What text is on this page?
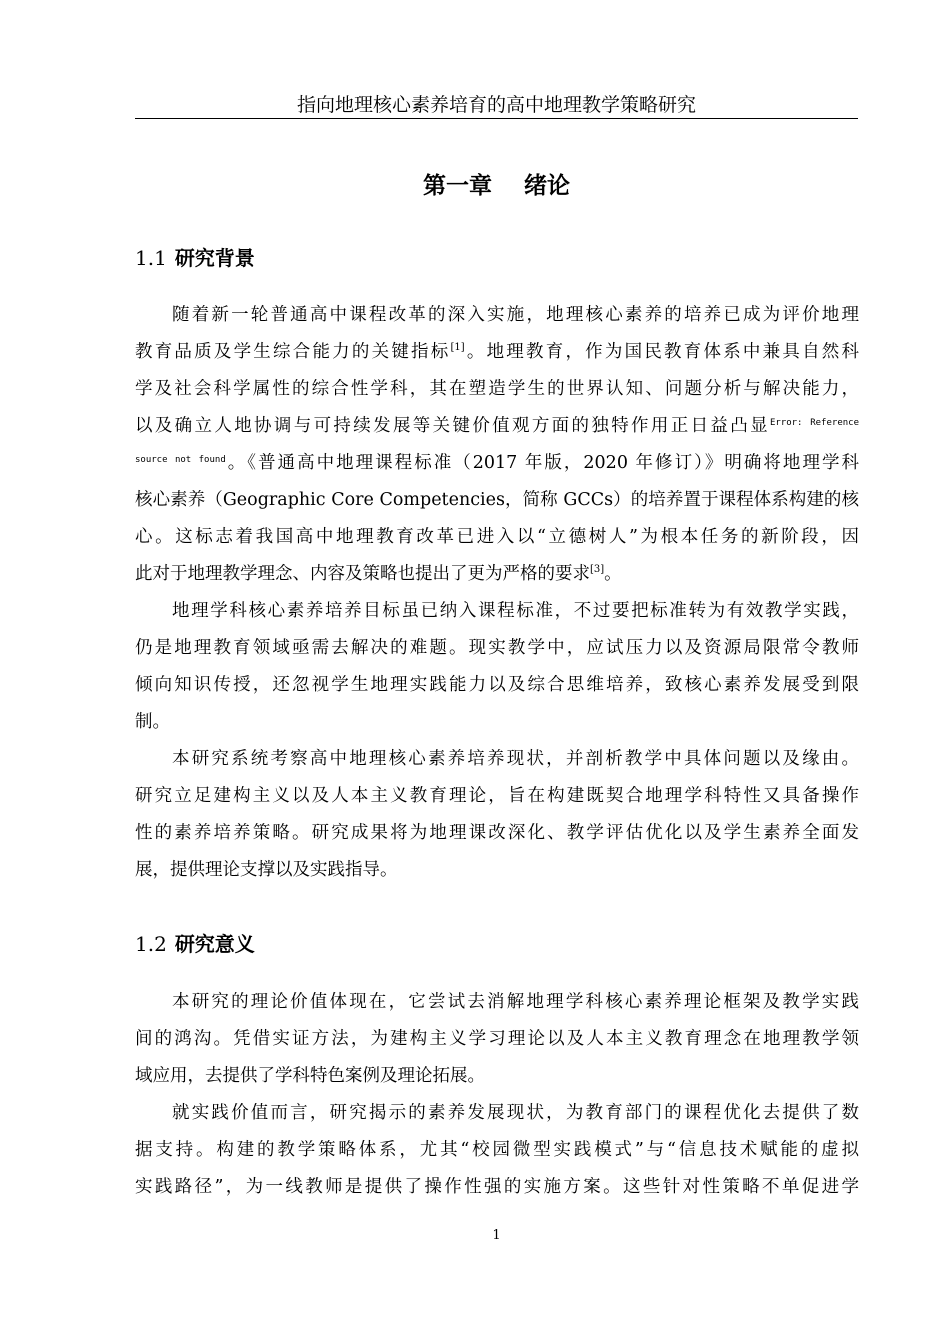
指向地理核心素养培育的高中地理教学策略研究
第一章    绪论
1.1 研究背景
随着新一轮普通高中课程改革的深入实施，地理核心素养的培养已成为评价地理
教育品质及学生综合能力的关键指标[1]。地理教育，作为国民教育体系中兼具自然科
学及社会科学属性的综合性学科，其在塑造学生的世界认知、问题分析与解决能力，
以及确立人地协调与可持续发展等关键价值观方面的独特作用正日益凸显$^{Error: Reference}$
$^{source not found}$。《普通高中地理课程标准（2017 年版，2020 年修订）》明确将地理学科
核心素养（Geographic Core Competencies，简称 GCCs）的培养置于课程体系构建的核
心。这标志着我国高中地理教育改革已进入以“立德树人”为根本任务的新阶段，因
此对于地理教学理念、内容及策略也提出了更为严格的要求[3]。
地理学科核心素养培养目标虽已纳入课程标准，不过要把标准转为有效教学实践，
仍是地理教育领域亟需去解决的难题。现实教学中，应试压力以及资源局限常令教师
倾向知识传授，还忽视学生地理实践能力以及综合思维培养，致核心素养发展受到限
制。
本研究系统考察高中地理核心素养培养现状，并剖析教学中具体问题以及缘由。
研究立足建构主义以及人本主义教育理论，旨在构建既契合地理学科特性又具备操作
性的素养培养策略。研究成果将为地理课改深化、教学评估优化以及学生素养全面发
展，提供理论支撑以及实践指导。
1.2 研究意义
本研究的理论价值体现在，它尝试去消解地理学科核心素养理论框架及教学实践
间的鸿沟。凭借实证方法，为建构主义学习理论以及人本主义教育理念在地理教学领
域应用，去提供了学科特色案例及理论拓展。
就实践价值而言，研究揭示的素养发展现状，为教育部门的课程优化去提供了数
据支持。构建的教学策略体系，尤其“校园微型实践模式”与“信息技术赋能的虚拟
实践路径”，为一线教师是提供了操作性强的实施方案。这些针对性策略不单促进学
1
